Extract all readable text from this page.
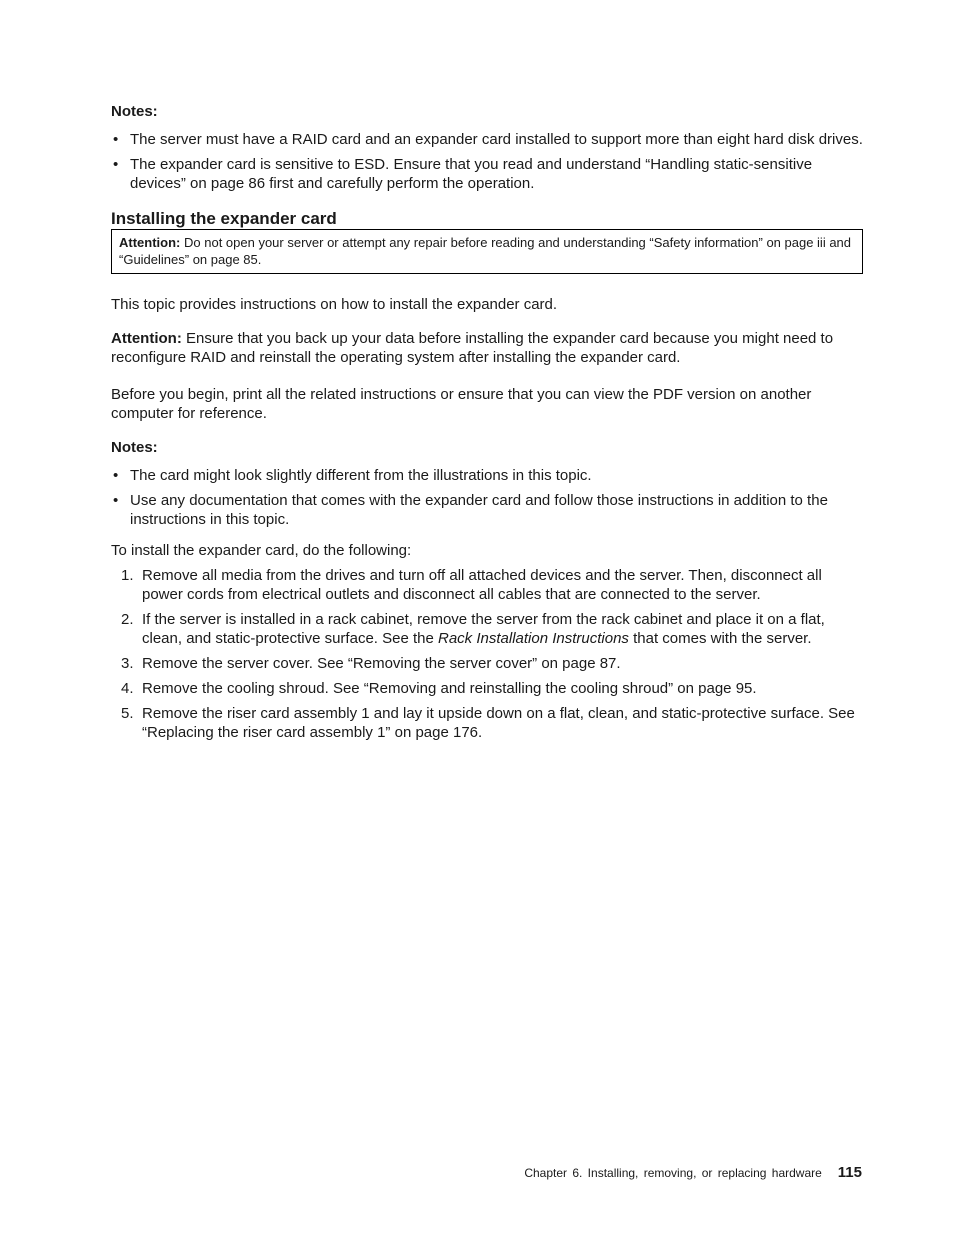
Notes:
• The server must have a RAID card and an expander card installed to support more than eight hard disk drives.
• The expander card is sensitive to ESD. Ensure that you read and understand “Handling static-sensitive devices” on page 86 first and carefully perform the operation.
Installing the expander card
Attention: Do not open your server or attempt any repair before reading and understanding “Safety information” on page iii and “Guidelines” on page 85.

This topic provides instructions on how to install the expander card.

Attention: Ensure that you back up your data before installing the expander card because you might need to reconfigure RAID and reinstall the operating system after installing the expander card.

Before you begin, print all the related instructions or ensure that you can view the PDF version on another computer for reference.

Notes:
• The card might look slightly different from the illustrations in this topic.
• Use any documentation that comes with the expander card and follow those instructions in addition to the instructions in this topic.

To install the expander card, do the following:

1. Remove all media from the drives and turn off all attached devices and the server. Then, disconnect all power cords from electrical outlets and disconnect all cables that are connected to the server.
2. If the server is installed in a rack cabinet, remove the server from the rack cabinet and place it on a flat, clean, and static-protective surface. See the Rack Installation Instructions that comes with the server.
3. Remove the server cover. See “Removing the server cover” on page 87.
4. Remove the cooling shroud. See “Removing and reinstalling the cooling shroud” on page 95.
5. Remove the riser card assembly 1 and lay it upside down on a flat, clean, and static-protective surface. See “Replacing the riser card assembly 1” on page 176.
Chapter 6. Installing, removing, or replacing hardware 115
